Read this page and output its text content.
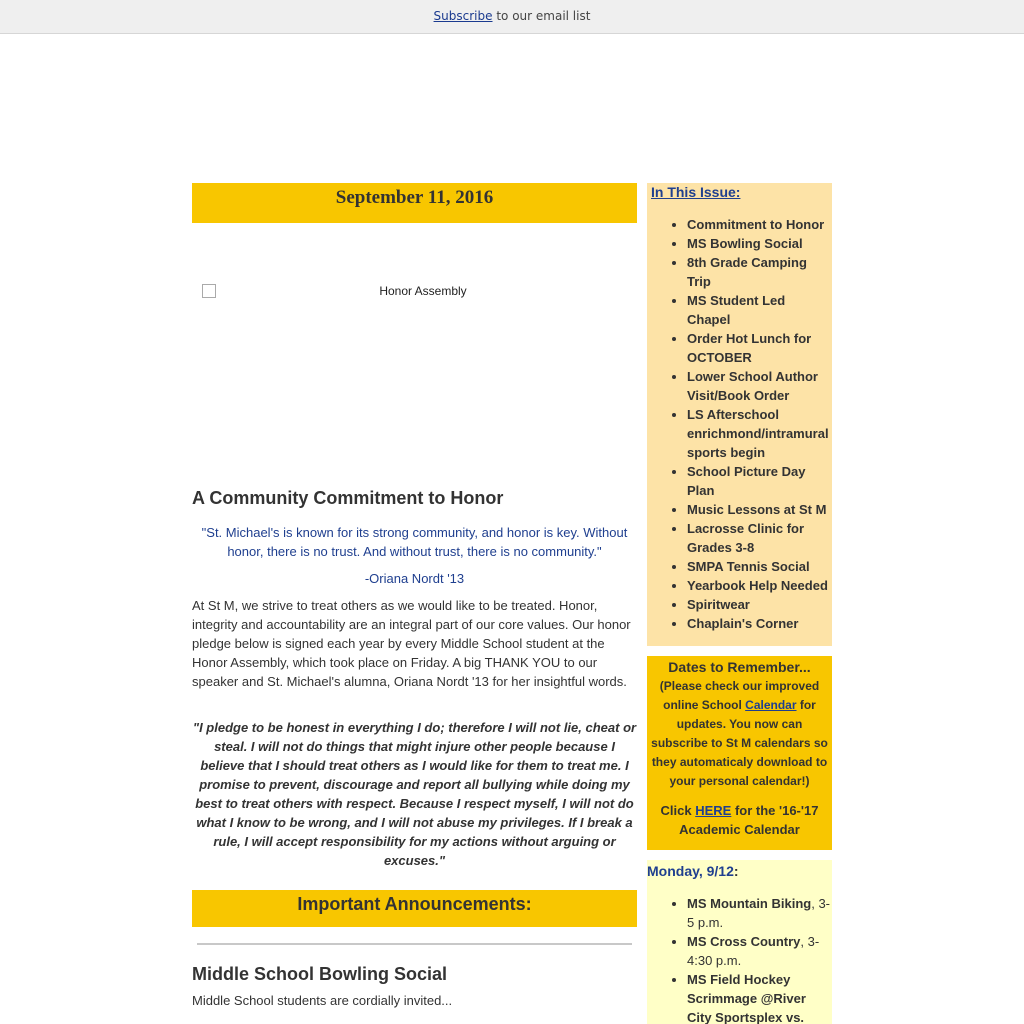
Subscribe to our email list
September 11, 2016
Honor Assembly
A Community Commitment to Honor
"St. Michael's is known for its strong community, and honor is key. Without honor, there is no trust. And without trust, there is no community."
-Oriana Nordt '13
At St M, we strive to treat others as we would like to be treated. Honor, integrity and accountability are an integral part of our core values. Our honor pledge below is signed each year by every Middle School student at the Honor Assembly, which took place on Friday. A big THANK YOU to our speaker and St. Michael's alumna, Oriana Nordt '13 for her insightful words.
"I pledge to be honest in everything I do; therefore I will not lie, cheat or steal. I will not do things that might injure other people because I believe that I should treat others as I would like for them to treat me. I promise to prevent, discourage and report all bullying while doing my best to treat others with respect. Because I respect myself, I will not do what I know to be wrong, and I will not abuse my privileges. If I break a rule, I will accept responsibility for my actions without arguing or excuses."
Important Announcements:
Middle School Bowling Social
Middle School students are cordially invited...
In This Issue:
• Commitment to Honor
• MS Bowling Social
• 8th Grade Camping Trip
• MS Student Led Chapel
• Order Hot Lunch for OCTOBER
• Lower School Author Visit/Book Order
• LS Afterschool enrichmond/intramural sports begin
• School Picture Day Plan
• Music Lessons at St M
• Lacrosse Clinic for Grades 3-8
• SMPA Tennis Social
• Yearbook Help Needed
• Spiritwear
• Chaplain's Corner
Dates to Remember...
(Please check our improved online School Calendar for updates. You now can subscribe to St M calendars so they automaticaly download to your personal calendar!)
Click HERE for the '16-'17 Academic Calendar
Monday, 9/12:
• MS Mountain Biking, 3-5 p.m.
• MS Cross Country, 3-4:30 p.m.
• MS Field Hockey Scrimmage @River City Sportsplex vs.
